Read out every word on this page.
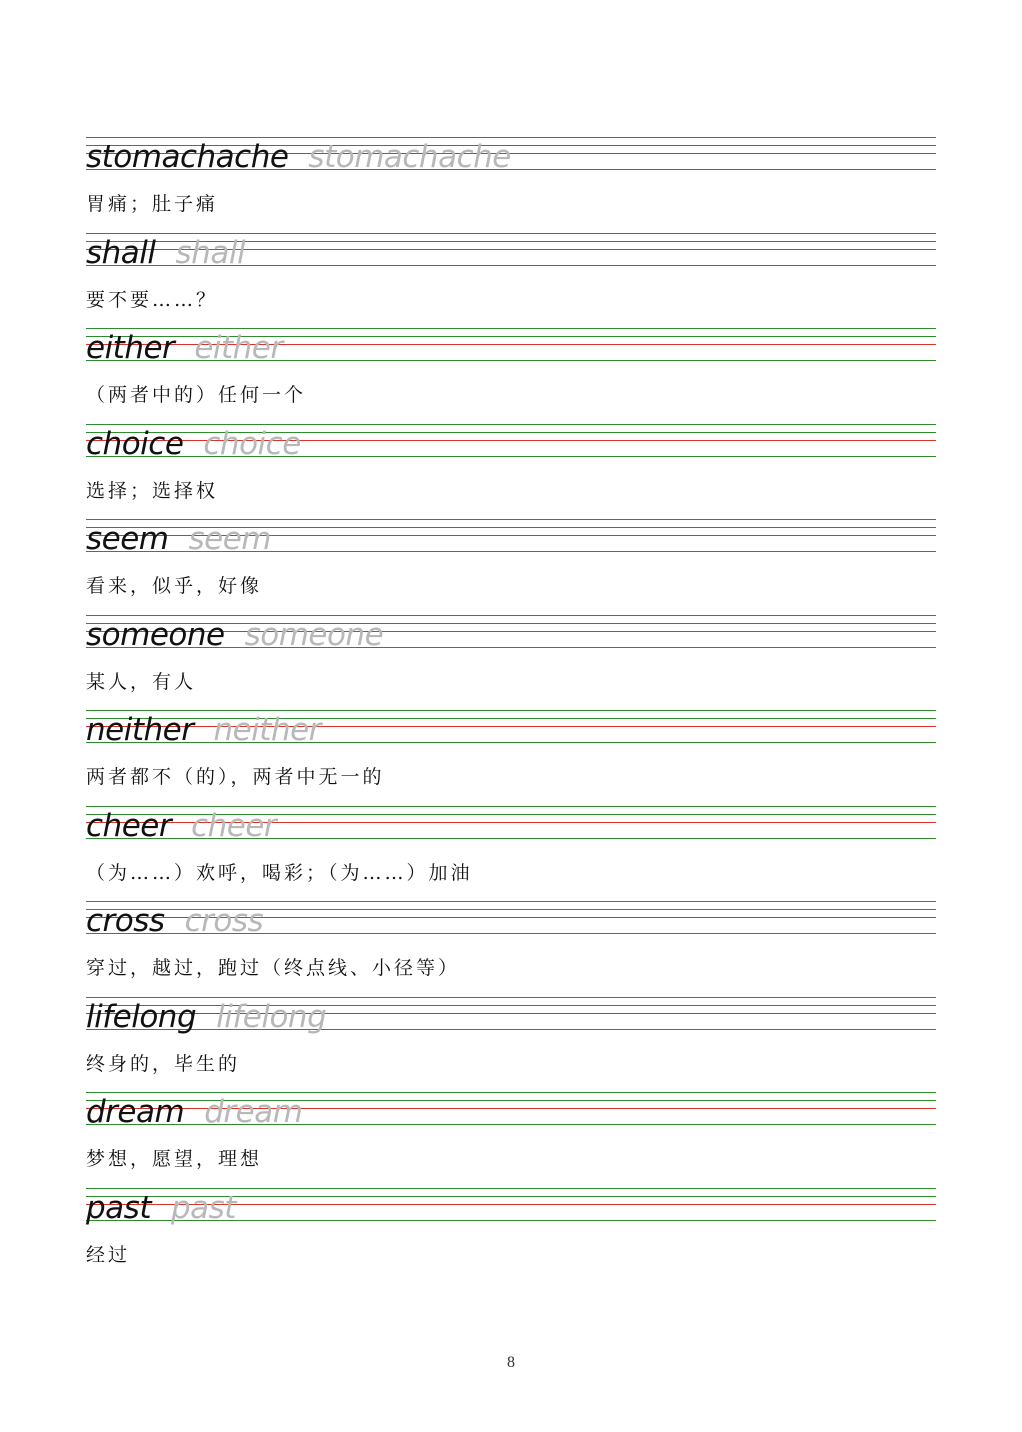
stomachache stomachache
胃痛；肚子痛
shall shall
要不要……？
either either
（两者中的）任何一个
choice choice
选择；选择权
seem seem
看来，似乎，好像
someone someone
某人，有人
neither neither
两者都不（的），两者中无一的
cheer cheer
（为……）欢呼，喝彩；（为……）加油
cross cross
穿过，越过，跑过（终点线、小径等）
lifelong lifelong
终身的，毕生的
dream dream
梦想，愿望，理想
past past
经过
8
